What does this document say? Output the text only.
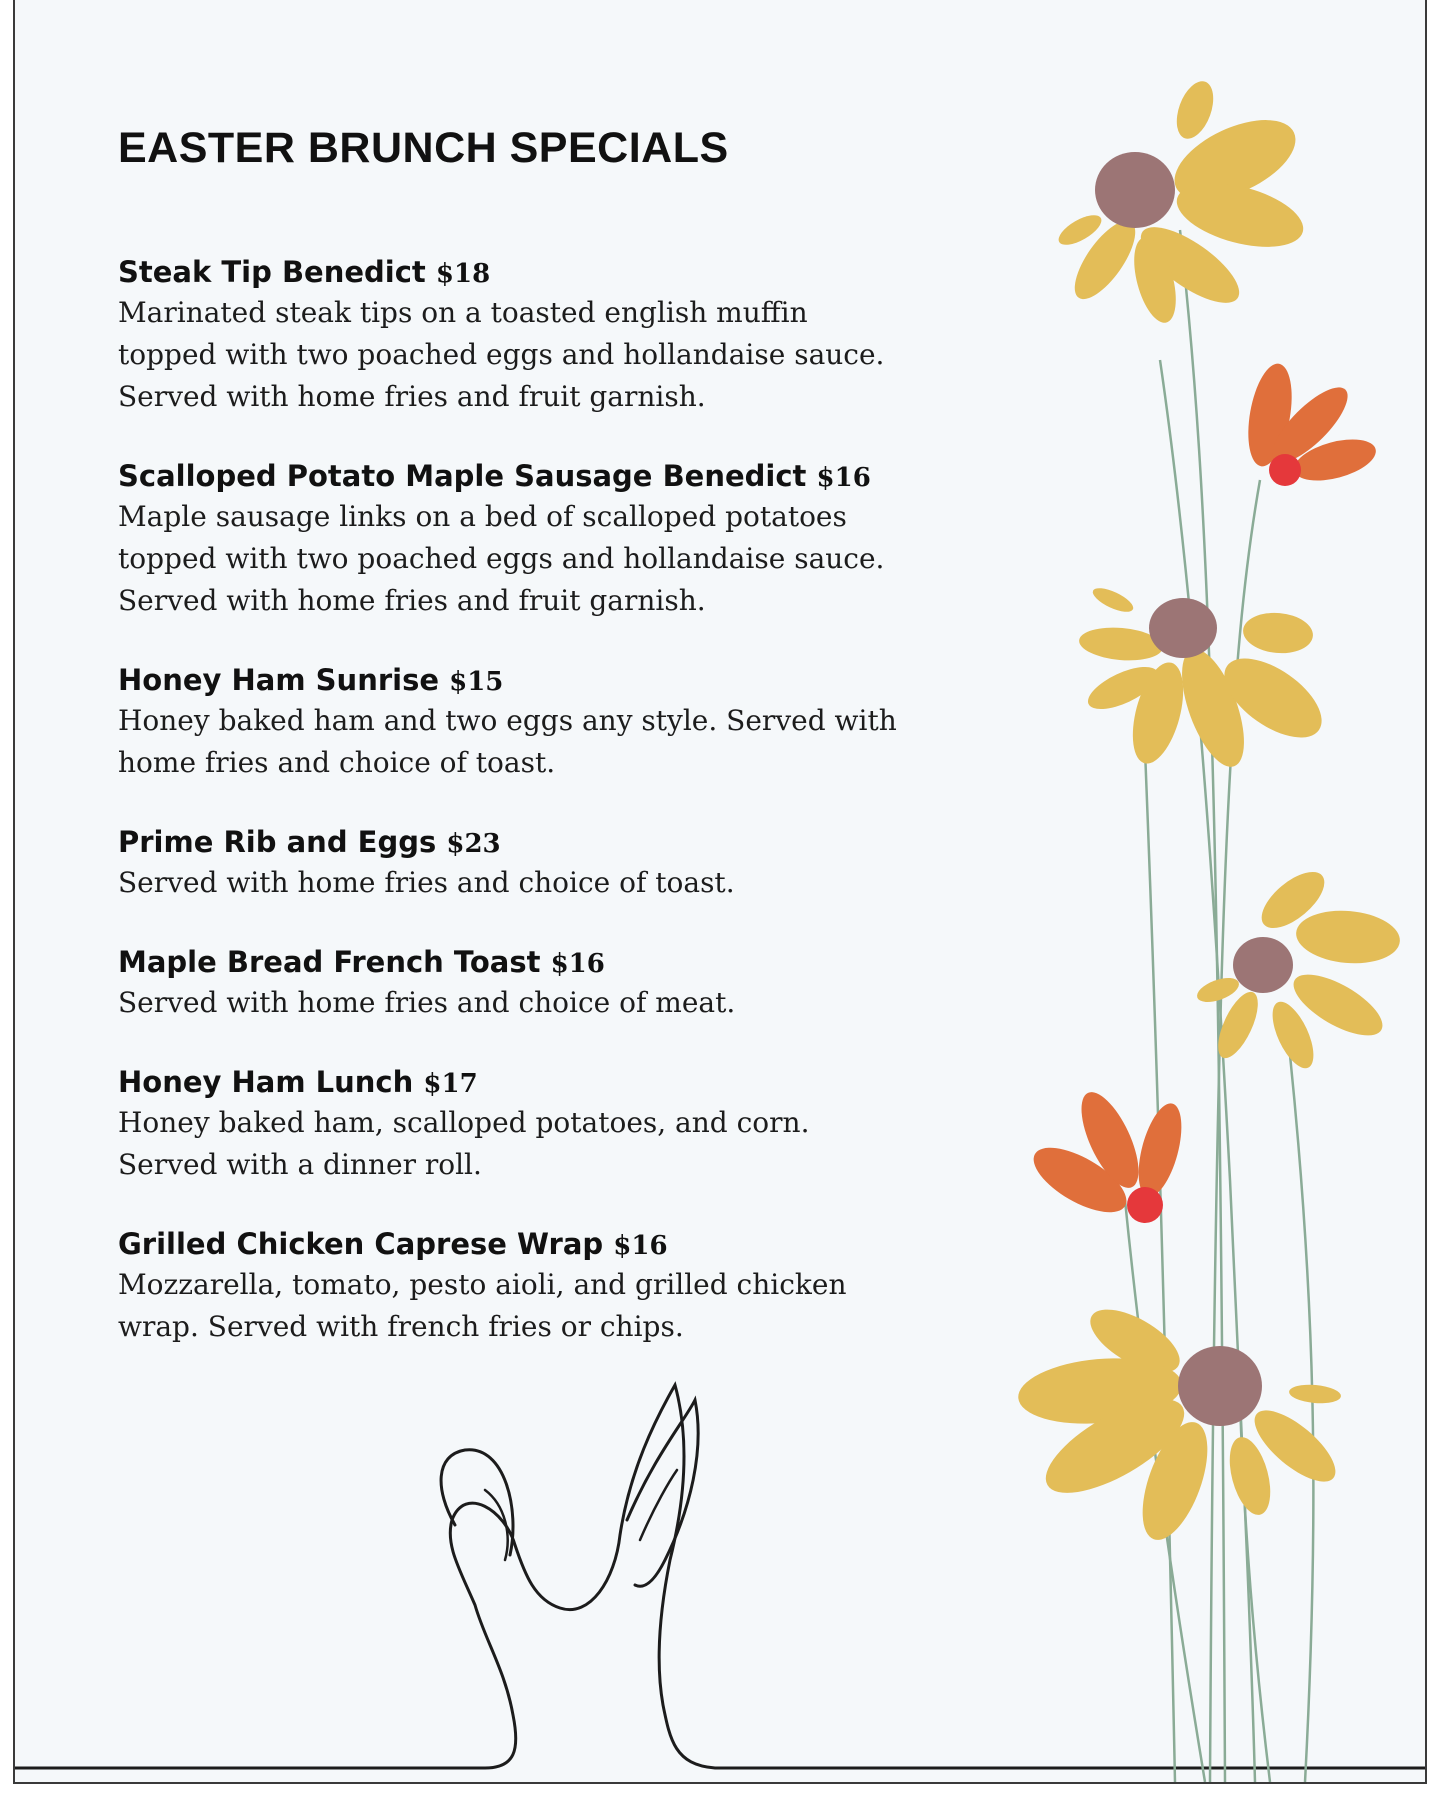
EASTER BRUNCH SPECIALS
Steak Tip Benedict $18
Marinated steak tips on a toasted english muffin
topped with two poached eggs and hollandaise sauce.
Served with home fries and fruit garnish.
Scalloped Potato Maple Sausage Benedict $16
Maple sausage links on a bed of scalloped potatoes
topped with two poached eggs and hollandaise sauce.
Served with home fries and fruit garnish.
Honey Ham Sunrise $15
Honey baked ham and two eggs any style. Served with
home fries and choice of toast.
Prime Rib and Eggs $23
Served with home fries and choice of toast.
Maple Bread French Toast $16
Served with home fries and choice of meat.
Honey Ham Lunch $17
Honey baked ham, scalloped potatoes, and corn.
Served with a dinner roll.
Grilled Chicken Caprese Wrap $16
Mozzarella, tomato, pesto aioli, and grilled chicken
wrap. Served with french fries or chips.
